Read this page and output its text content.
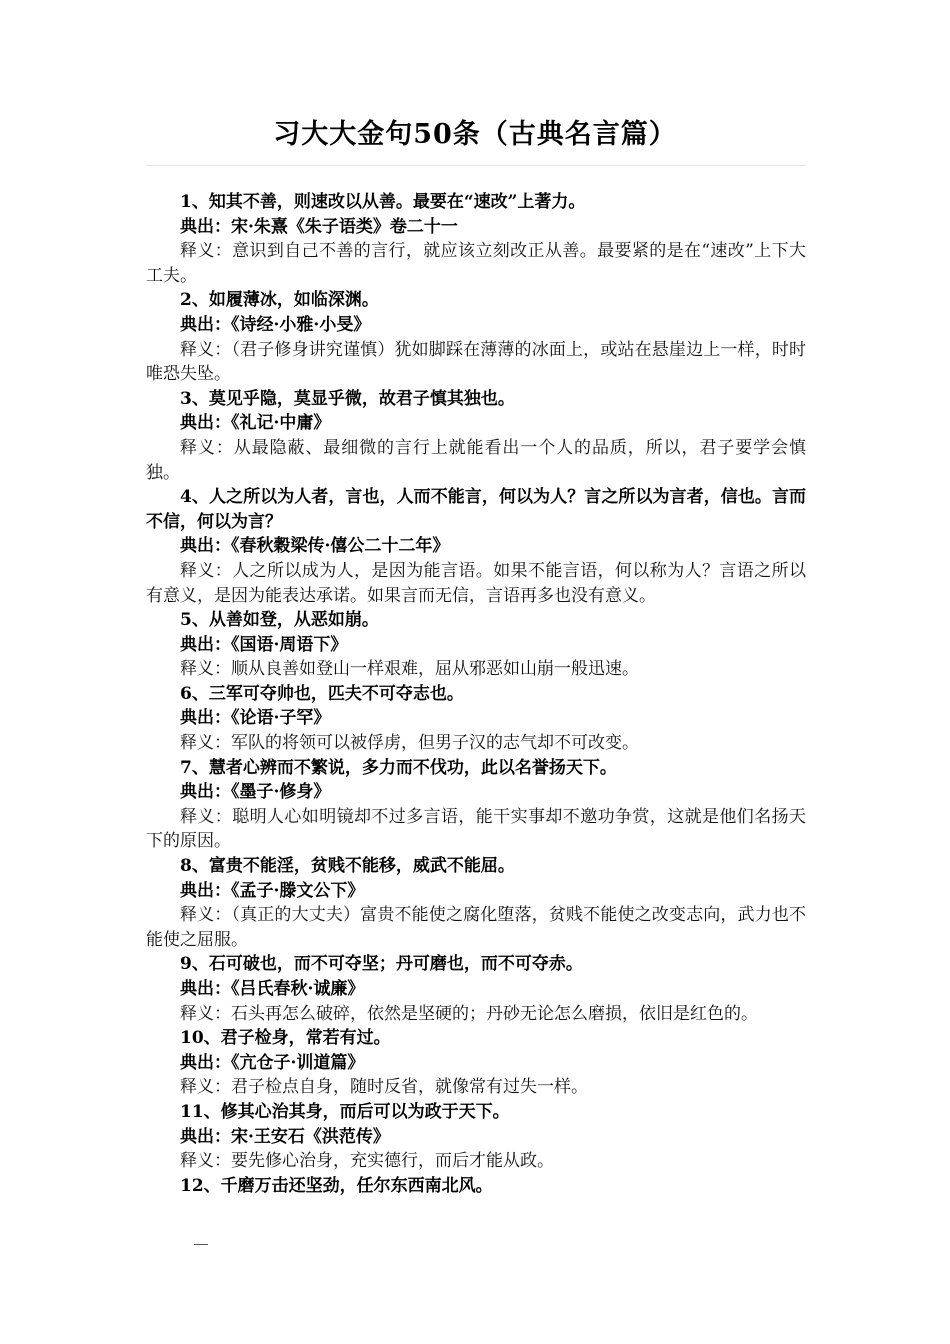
习大大金句50条（古典名言篇）

1、知其不善，则速改以从善。最要在“速改”上著力。

典出：宋·朱熹《朱子语类》卷二十一

释义：意识到自己不善的言行，就应该立刻改正从善。最要紧的是在“速改”上下大工夫。

2、如履薄冰，如临深渊。

典出：《诗经·小雅·小旻》

释义：（君子修身讲究谨慎）犹如脚踩在薄薄的冰面上，或站在悬崖边上一样，时时唯恐失坠。

3、莫见乎隐，莫显乎微，故君子慎其独也。

典出：《礼记·中庸》

释义：从最隐蔽、最细微的言行上就能看出一个人的品质，所以，君子要学会慎独。

4、人之所以为人者，言也，人而不能言，何以为人？言之所以为言者，信也。言而不信，何以为言？

典出：《春秋穀梁传·僖公二十二年》

释义：人之所以成为人，是因为能言语。如果不能言语，何以称为人？言语之所以有意义，是因为能表达承诺。如果言而无信，言语再多也没有意义。

5、从善如登，从恶如崩。

典出：《国语·周语下》

释义：顺从良善如登山一样艰难，屈从邪恶如山崩一般迅速。

6、三军可夺帅也，匹夫不可夺志也。

典出：《论语·子罕》

释义：军队的将领可以被俘虏，但男子汉的志气却不可改变。

7、慧者心辨而不繁说，多力而不伐功，此以名誉扬天下。

典出：《墨子·修身》

释义：聪明人心如明镜却不过多言语，能干实事却不邀功争赏，这就是他们名扬天下的原因。

8、富贵不能淫，贫贱不能移，威武不能屈。

典出：《孟子·滕文公下》

释义：（真正的大丈夫）富贵不能使之腐化堕落，贫贱不能使之改变志向，武力也不能使之屈服。

9、石可破也，而不可夺坚；丹可磨也，而不可夺赤。

典出：《吕氏春秋·诚廉》

释义：石头再怎么破碎，依然是坚硬的；丹砂无论怎么磨损，依旧是红色的。

10、君子检身，常若有过。

典出：《亢仓子·训道篇》

释义：君子检点自身，随时反省，就像常有过失一样。

11、修其心治其身，而后可以为政于天下。

典出：宋·王安石《洪范传》

释义：要先修心治身，充实德行，而后才能从政。

12、千磨万击还坚劲，任尔东西南北风。
